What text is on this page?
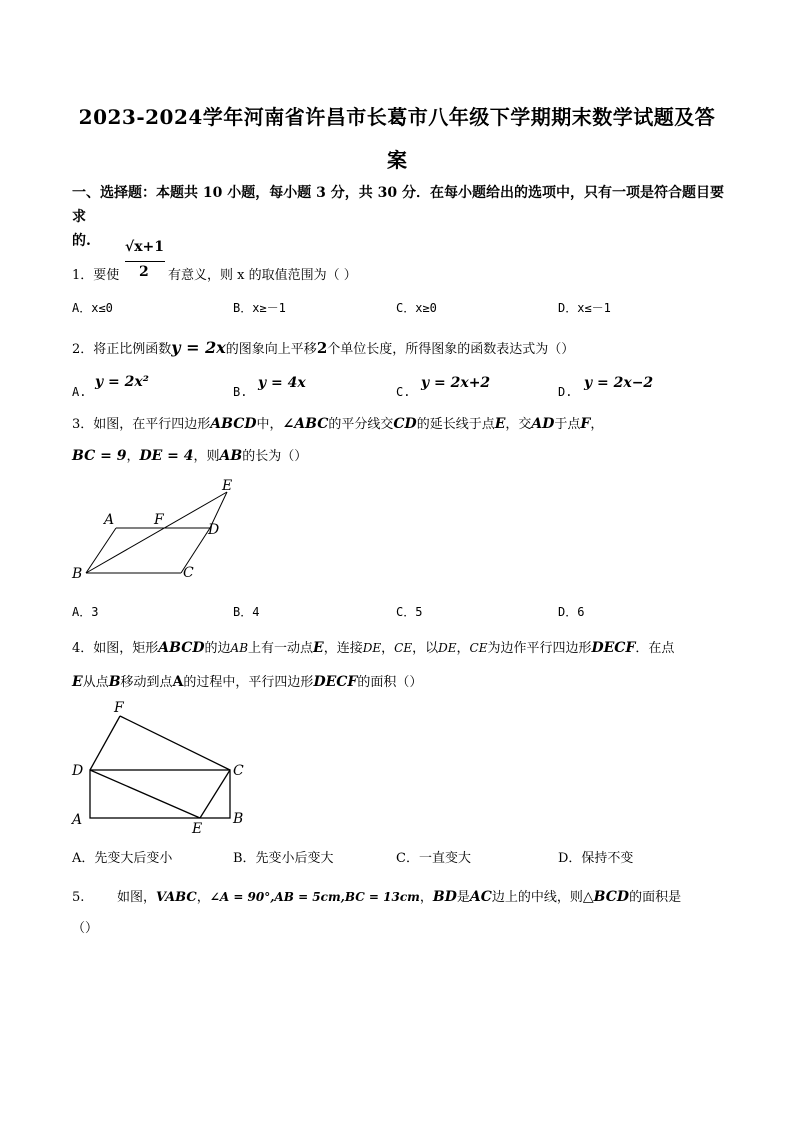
2023-2024学年河南省许昌市长葛市八年级下学期期末数学试题及答
案
一、选择题：本题共 10 小题，每小题 3 分，共 30 分．在每小题给出的选项中，只有一项是符合题目要求
的.	√x+1
2
1．要使	有意义，则 x 的取值范围为（ ）
A．x≤0	B．x≥－1	C．x≥0	D．x≤－1
2．将正比例函数y = 2x的图象向上平移2个单位长度，所得图象的函数表达式为（）
A.
y = 2x²
B.
y = 4x
C.
y = 2x+2
D.
y = 2x−2
3．如图，在平行四边形ABCD中，∠ABC的平分线交CD的延长线于点E，交AD于点F，
BC = 9，DE = 4，则AB的长为（）
A	F
D
E
B	C
A．3	B．4	C．5	D．6
4．如图，矩形ABCD的边AB上有一动点E，连接DE，CE，以DE，CE为边作平行四边形DECF．在点
E从点B移动到点A的过程中，平行四边形DECF的面积（）
F
D	C
A
E
B
A．先变大后变小	B．先变小后变大	C．一直变大	D．保持不变
5.	如图，VABC，∠A = 90°,AB = 5cm,BC = 13cm，BD是AC边上的中线，则△BCD的面积是
（）
